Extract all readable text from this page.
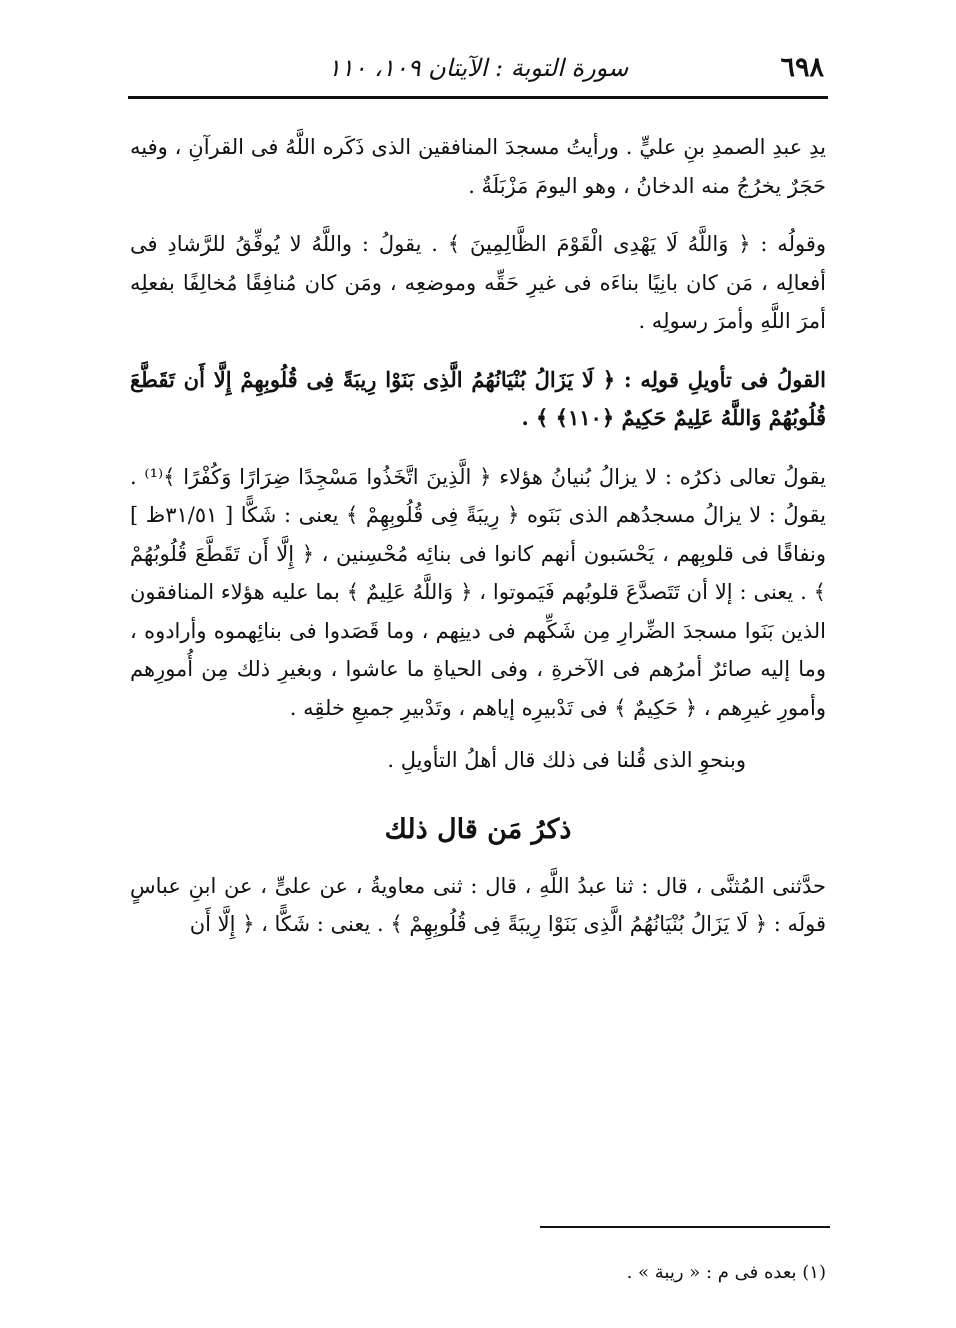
٦٩٨
سورة التوبة : الآيتان ١٠٩، ١١٠

يدِ عبدِ الصمدِ بنِ عليٍّ . ورأيتُ مسجدَ المنافقين الذى ذَكَره اللَّهُ فى القرآنِ ، وفيه حَجَرٌ يخرُجُ منه الدخانُ ، وهو اليومَ مَزْبَلَةٌ .

وقولُه : ﴿ وَاللَّهُ لَا يَهْدِى الْقَوْمَ الظَّالِمِينَ ﴾ . يقولُ : واللَّهُ لا يُوفِّقُ للرَّشادِ فى أفعالِه ، مَن كان بانِيًا بناءَه فى غيرِ حَقِّه وموضعِه ، ومَن كان مُنافِقًا مُخالِفًا بفعلِه أمرَ اللَّهِ وأمرَ رسولِه .

القولُ فى تأويلِ قولِه : ﴿ لَا يَزَالُ بُنْيَانُهُمُ الَّذِى بَنَوْا رِيبَةً فِى قُلُوبِهِمْ إِلَّا أَن تَقَطَّعَ قُلُوبُهُمْ وَاللَّهُ عَلِيمٌ حَكِيمٌ ﴿١١٠﴾ ﴾ .

يقولُ تعالى ذكرُه : لا يزالُ بُنيانُ هؤلاء ﴿ الَّذِينَ اتَّخَذُوا مَسْجِدًا ضِرَارًا وَكُفْرًا ﴾⁽¹⁾ . يقولُ : لا يزالُ مسجدُهم الذى بَنَوه ﴿ رِيبَةً فِى قُلُوبِهِمْ ﴾ يعنى : شَكًّا [ ٣١/٥١ظ ] ونفاقًا فى قلوبِهم ، يَحْسَبون أنهم كانوا فى بنائِه مُحْسِنين ، ﴿ إِلَّا أَن تَقَطَّعَ قُلُوبُهُمْ ﴾ . يعنى : إلا أن تَتَصدَّعَ قلوبُهم فَيَموتوا ، ﴿ وَاللَّهُ عَلِيمٌ ﴾ بما عليه هؤلاء المنافقون الذين بَنَوا مسجدَ الضِّرارِ مِن شَكِّهم فى دينِهم ، وما قَصَدوا فى بنائِهموه وأرادوه ، وما إليه صائرٌ أمرُهم فى الآخرةِ ، وفى الحياةِ ما عاشوا ، وبغيرِ ذلك مِن أُمورِهم وأمورِ غيرِهم ، ﴿ حَكِيمٌ ﴾ فى تَدْبيرِه إياهم ، وتَدْبيرِ جميعِ خلقِه .

وبنحوِ الذى قُلنا فى ذلك قال أهلُ التأويلِ .

ذكرُ مَن قال ذلك

حدَّثنى المُثنَّى ، قال : ثنا عبدُ اللَّهِ ، قال : ثنى معاويةُ ، عن علىٍّ ، عن ابنِ عباسٍ قولَه : ﴿ لَا يَزَالُ بُنْيَانُهُمُ الَّذِى بَنَوْا رِيبَةً فِى قُلُوبِهِمْ ﴾ . يعنى : شَكًّا ، ﴿ إِلَّا أَن

(١) بعده فى م : « ريبة » .
